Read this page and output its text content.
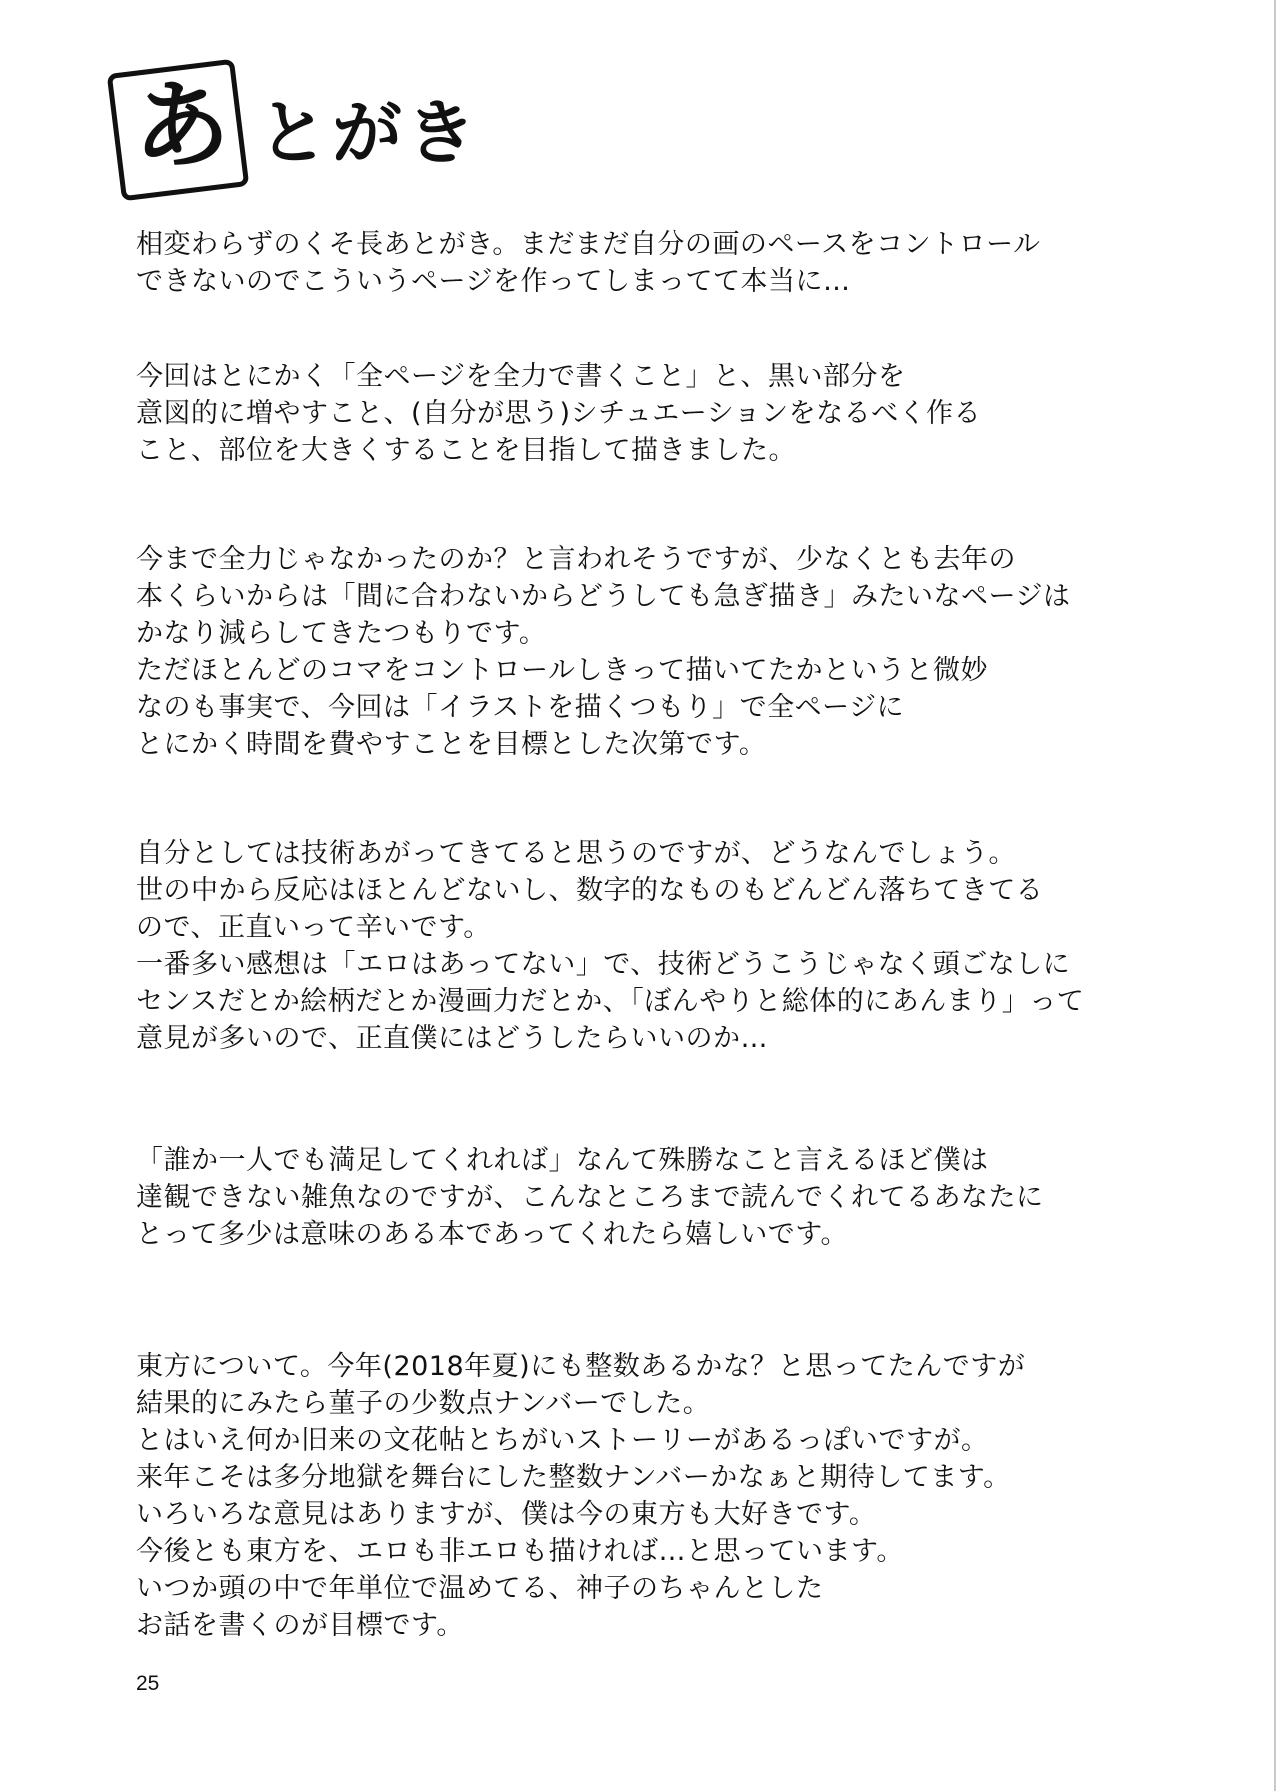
あ とがき
相変わらずのくそ長あとがき。まだまだ自分の画のペースをコントロール
できないのでこういうページを作ってしまってて本当に…
今回はとにかく「全ページを全力で書くこと」と、黒い部分を
意図的に増やすこと、(自分が思う)シチュエーションをなるべく作る
こと、部位を大きくすることを目指して描きました。
今まで全力じゃなかったのか？と言われそうですが、少なくとも去年の
本くらいからは「間に合わないからどうしても急ぎ描き」みたいなページは
かなり減らしてきたつもりです。
ただほとんどのコマをコントロールしきって描いてたかというと微妙
なのも事実で、今回は「イラストを描くつもり」で全ページに
とにかく時間を費やすことを目標とした次第です。
自分としては技術あがってきてると思うのですが、どうなんでしょう。
世の中から反応はほとんどないし、数字的なものもどんどん落ちてきてる
ので、正直いって辛いです。
一番多い感想は「エロはあってない」で、技術どうこうじゃなく頭ごなしに
センスだとか絵柄だとか漫画力だとか、「ぼんやりと総体的にあんまり」って
意見が多いので、正直僕にはどうしたらいいのか…
「誰か一人でも満足してくれれば」なんて殊勝なこと言えるほど僕は
達観できない雑魚なのですが、こんなところまで読んでくれてるあなたに
とって多少は意味のある本であってくれたら嬉しいです。
東方について。今年(2018年夏)にも整数あるかな？と思ってたんですが
結果的にみたら菫子の少数点ナンバーでした。
とはいえ何か旧来の文花帖とちがいストーリーがあるっぽいですが。
来年こそは多分地獄を舞台にした整数ナンバーかなぁと期待してます。
いろいろな意見はありますが、僕は今の東方も大好きです。
今後とも東方を、エロも非エロも描ければ…と思っています。
いつか頭の中で年単位で温めてる、神子のちゃんとした
お話を書くのが目標です。
25
